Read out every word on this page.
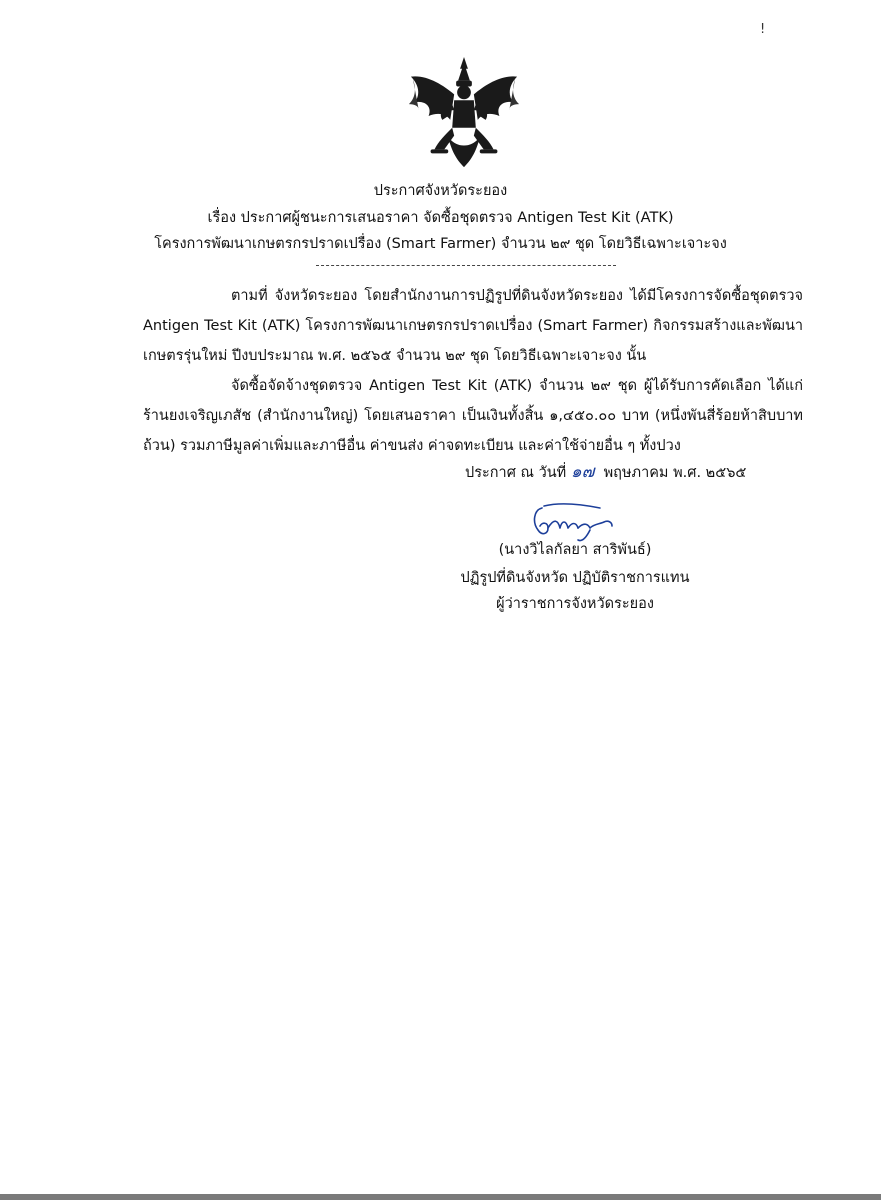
!
ประกาศจังหวัดระยอง
เรื่อง ประกาศผู้ชนะการเสนอราคา จัดซื้อชุดตรวจ Antigen Test Kit (ATK)
โครงการพัฒนาเกษตรกรปราดเปรื่อง (Smart Farmer) จำนวน ๒๙ ชุด โดยวิธีเฉพาะเจาะจง
ตามที่ จังหวัดระยอง โดยสำนักงานการปฏิรูปที่ดินจังหวัดระยอง ได้มีโครงการจัดซื้อชุดตรวจ Antigen Test Kit (ATK) โครงการพัฒนาเกษตรกรปราดเปรื่อง (Smart Farmer) กิจกรรมสร้างและพัฒนาเกษตรรุ่นใหม่ ปีงบประมาณ พ.ศ. ๒๕๖๕ จำนวน ๒๙ ชุด โดยวิธีเฉพาะเจาะจง นั้น
จัดซื้อจัดจ้างชุดตรวจ Antigen Test Kit (ATK) จำนวน ๒๙ ชุด ผู้ได้รับการคัดเลือก ได้แก่ ร้านยงเจริญเภสัช (สำนักงานใหญ่) โดยเสนอราคา เป็นเงินทั้งสิ้น ๑,๔๕๐.๐๐ บาท (หนึ่งพันสี่ร้อยห้าสิบบาทถ้วน) รวมภาษีมูลค่าเพิ่มและภาษีอื่น ค่าขนส่ง ค่าจดทะเบียน และค่าใช้จ่ายอื่น ๆ ทั้งปวง
ประกาศ ณ วันที่ ๑๗ พฤษภาคม พ.ศ. ๒๕๖๕
(นางวิไลกัลยา สาริพันธ์)
ปฏิรูปที่ดินจังหวัด ปฏิบัติราชการแทน
ผู้ว่าราชการจังหวัดระยอง
